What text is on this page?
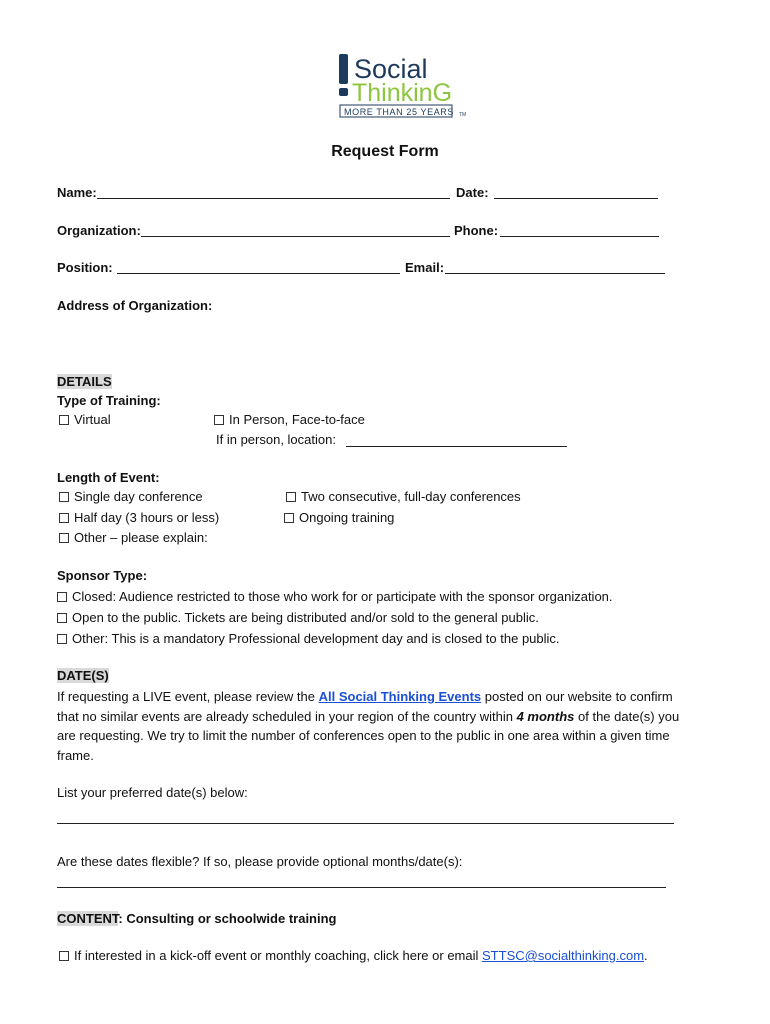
Social
ThinkinG
MORE THAN 25 YEARS TM
Request Form
Name:	Date:
Organization:	Phone:
Position:	Email:
Address of Organization:
DETAILS
Type of Training:
Virtual	In Person, Face-to-face
If in person, location:
Length of Event:
Single day conference	Two consecutive, full-day conferences
Half day (3 hours or less)	Ongoing training
Other – please explain:
Sponsor Type:
Closed: Audience restricted to those who work for or participate with the sponsor organization.
Open to the public. Tickets are being distributed and/or sold to the general public.
Other: This is a mandatory Professional development day and is closed to the public.
DATE(S)
If requesting a LIVE event, please review the All Social Thinking Events posted on our website to confirm that no similar events are already scheduled in your region of the country within 4 months of the date(s) you are requesting. We try to limit the number of conferences open to the public in one area within a given time frame.
List your preferred date(s) below:
Are these dates flexible? If so, please provide optional months/date(s):
CONTENT: Consulting or schoolwide training
If interested in a kick-off event or monthly coaching, click here or email STTSC@socialthinking.com.
